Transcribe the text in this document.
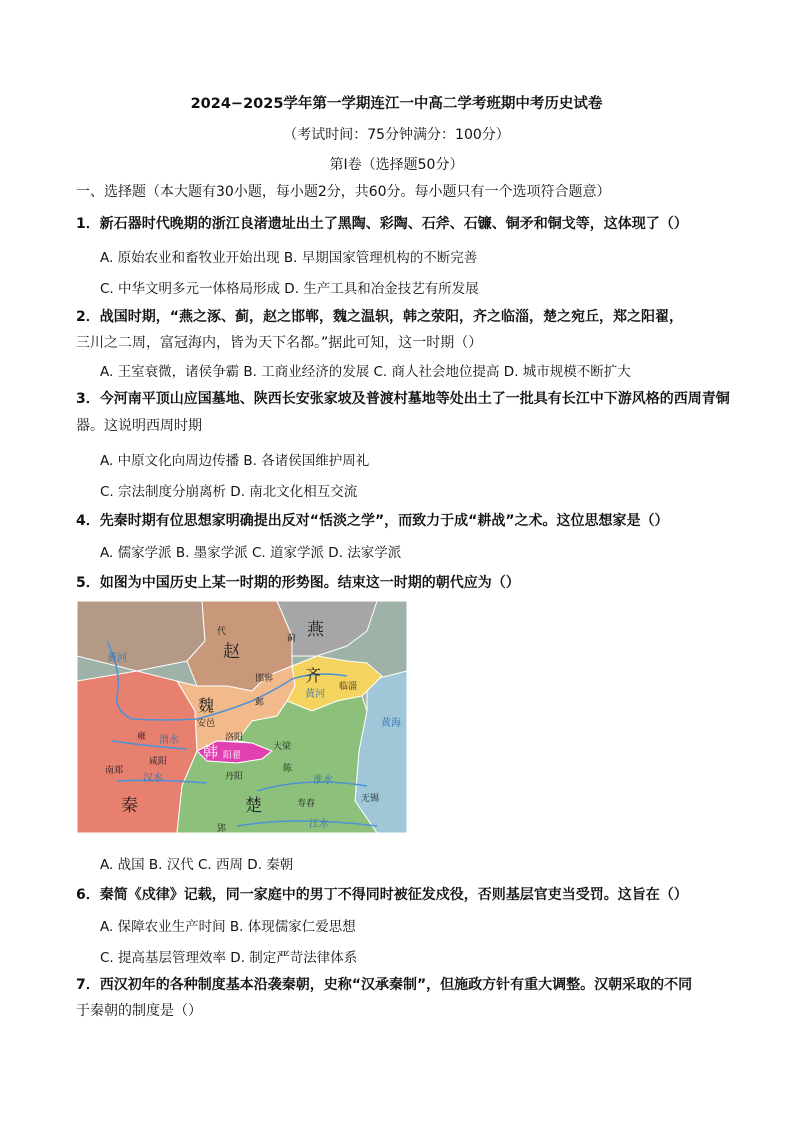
2024−2025学年第一学期连江一中高二学考班期中考历史试卷
（考试时间：75分钟满分：100分）
第Ⅰ卷（选择题50分）
一、选择题（本大题有30小题，每小题2分，共60分。每小题只有一个选项符合题意）
1．新石器时代晚期的浙江良渚遗址出土了黑陶、彩陶、石斧、石镰、铜矛和铜戈等，这体现了（）
A. 原始农业和畜牧业开始出现 B. 早期国家管理机构的不断完善
C. 中华文明多元一体格局形成 D. 生产工具和冶金技艺有所发展
2．战国时期，“燕之涿、蓟，赵之邯郸，魏之温轵，韩之荥阳，齐之临淄，楚之宛丘，郑之阳翟，
三川之二周，富冠海内，皆为天下名都。”据此可知，这一时期（）
A. 王室衰微，诸侯争霸 B. 工商业经济的发展 C. 商人社会地位提高 D. 城市规模不断扩大
3．今河南平顶山应国墓地、陕西长安张家坡及普渡村墓地等处出土了一批具有长江中下游风格的西周青铜
器。这说明西周时期
A. 中原文化向周边传播 B. 各诸侯国维护周礼
C. 宗法制度分崩离析 D. 南北文化相互交流
4．先秦时期有位思想家明确提出反对“恬淡之学”，而致力于成“耕战”之术。这位思想家是（）
A. 儒家学派 B. 墨家学派 C. 道家学派 D. 法家学派
5．如图为中国历史上某一时期的形势图。结束这一时期的朝代应为（）
赵
燕
齐
魏
韩
秦	楚
代
蓟
邯郸
临淄
邺
安邑
洛阳
大梁
阳翟
咸阳
雍
南郑
丹阳
陈
寿春	无锡
郢
黄河
黄河
渭水
汉水	淮水
江水
黄海
A. 战国 B. 汉代 C. 西周 D. 秦朝
6．秦简《戍律》记载，同一家庭中的男丁不得同时被征发戍役，否则基层官吏当受罚。这旨在（）
A. 保障农业生产时间 B. 体现儒家仁爱思想
C. 提高基层管理效率 D. 制定严苛法律体系
7．西汉初年的各种制度基本沿袭秦朝，史称“汉承秦制”，但施政方针有重大调整。汉朝采取的不同
于秦朝的制度是（）
